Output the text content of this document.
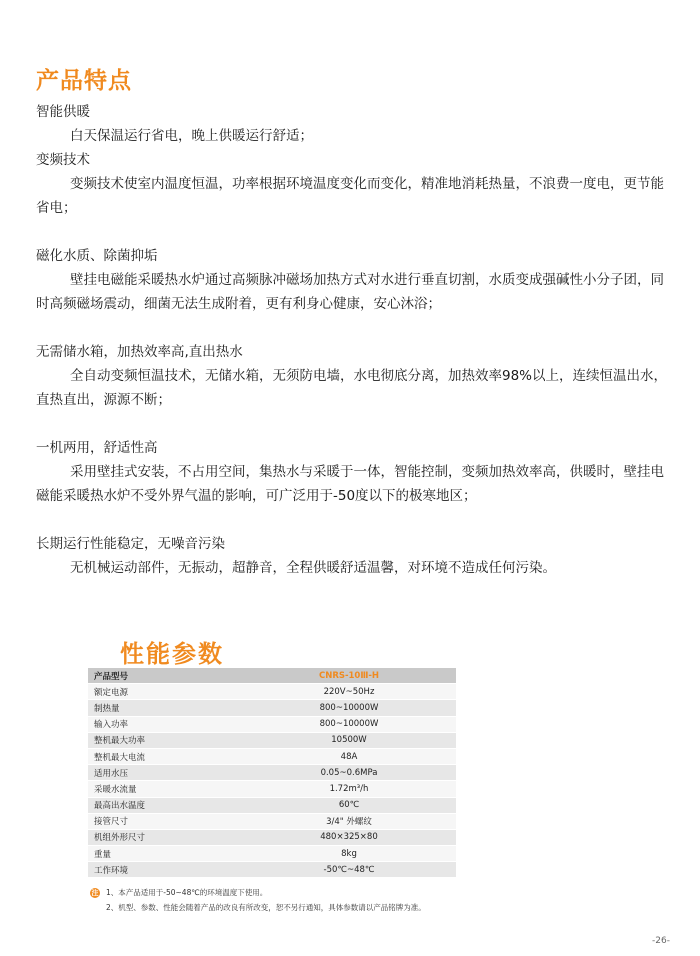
产品特点
智能供暖
白天保温运行省电，晚上供暖运行舒适；
变频技术
变频技术使室内温度恒温，功率根据环境温度变化而变化，精准地消耗热量，不浪费一度电，更节能省电；
磁化水质、除菌抑垢
壁挂电磁能采暖热水炉通过高频脉冲磁场加热方式对水进行垂直切割，水质变成强碱性小分子团，同时高频磁场震动，细菌无法生成附着，更有利身心健康，安心沐浴；
无需储水箱，加热效率高,直出热水
全自动变频恒温技术，无储水箱，无须防电墙，水电彻底分离，加热效率98%以上，连续恒温出水，直热直出，源源不断；
一机两用，舒适性高
采用壁挂式安装，不占用空间，集热水与采暖于一体，智能控制，变频加热效率高，供暖时，壁挂电磁能采暖热水炉不受外界气温的影响，可广泛用于-50度以下的极寒地区；
长期运行性能稳定，无噪音污染
无机械运动部件，无振动，超静音，全程供暖舒适温馨，对环境不造成任何污染。
性能参数
产品型号	CNRS-10Ⅲ-H
额定电源	220V~50Hz
制热量	800~10000W
输入功率	800~10000W
整机最大功率	10500W
整机最大电流	48A
适用水压	0.05~0.6MPa
采暖水流量	1.72m³/h
最高出水温度	60℃
接管尺寸	3/4" 外螺纹
机组外形尺寸	480×325×80
重量	8kg
工作环境	-50℃~48℃
注 1、本产品适用于-50~48℃的环境温度下使用。
2、机型、参数、性能会随着产品的改良有所改变，恕不另行通知，具体参数请以产品铭牌为准。
-26-
